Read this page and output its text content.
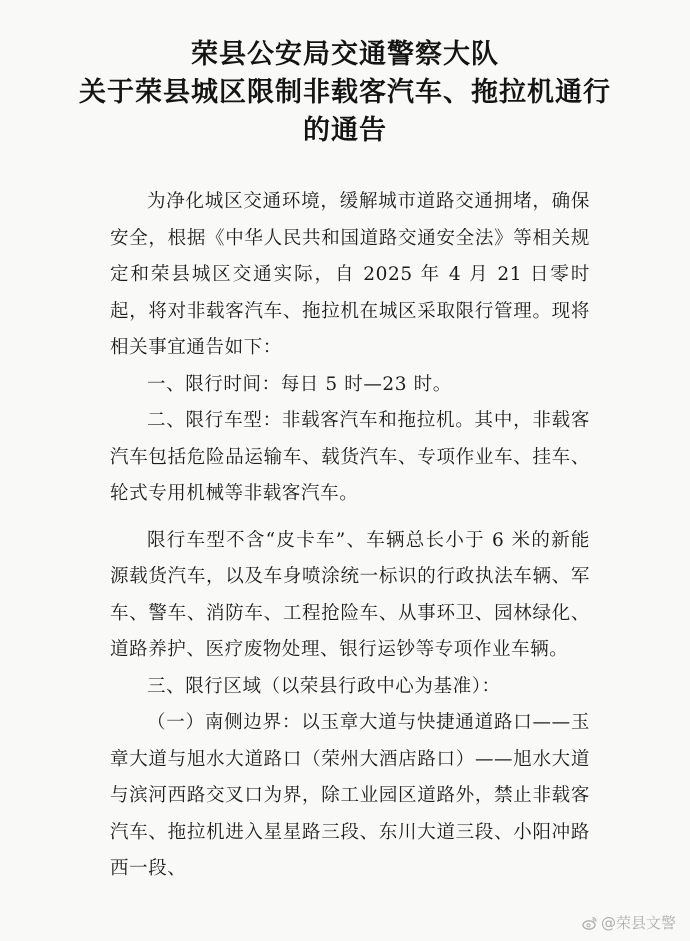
荣县公安局交通警察大队
关于荣县城区限制非载客汽车、拖拉机通行
的通告

为净化城区交通环境，缓解城市道路交通拥堵，确保安全，根据《中华人民共和国道路交通安全法》等相关规定和荣县城区交通实际，自 2025 年 4 月 21 日零时起，将对非载客汽车、拖拉机在城区采取限行管理。现将相关事宜通告如下：

一、限行时间：每日 5 时—23 时。

二、限行车型：非载客汽车和拖拉机。其中，非载客汽车包括危险品运输车、载货汽车、专项作业车、挂车、轮式专用机械等非载客汽车。

限行车型不含“皮卡车”、车辆总长小于 6 米的新能源载货汽车，以及车身喷涂统一标识的行政执法车辆、军车、警车、消防车、工程抢险车、从事环卫、园林绿化、道路养护、医疗废物处理、银行运钞等专项作业车辆。

三、限行区域（以荣县行政中心为基准）：

（一）南侧边界：以玉章大道与快捷通道路口——玉章大道与旭水大道路口（荣州大酒店路口）——旭水大道与滨河西路交叉口为界，除工业园区道路外，禁止非载客汽车、拖拉机进入星星路三段、东川大道三段、小阳冲路西一段、

@荣县文警
